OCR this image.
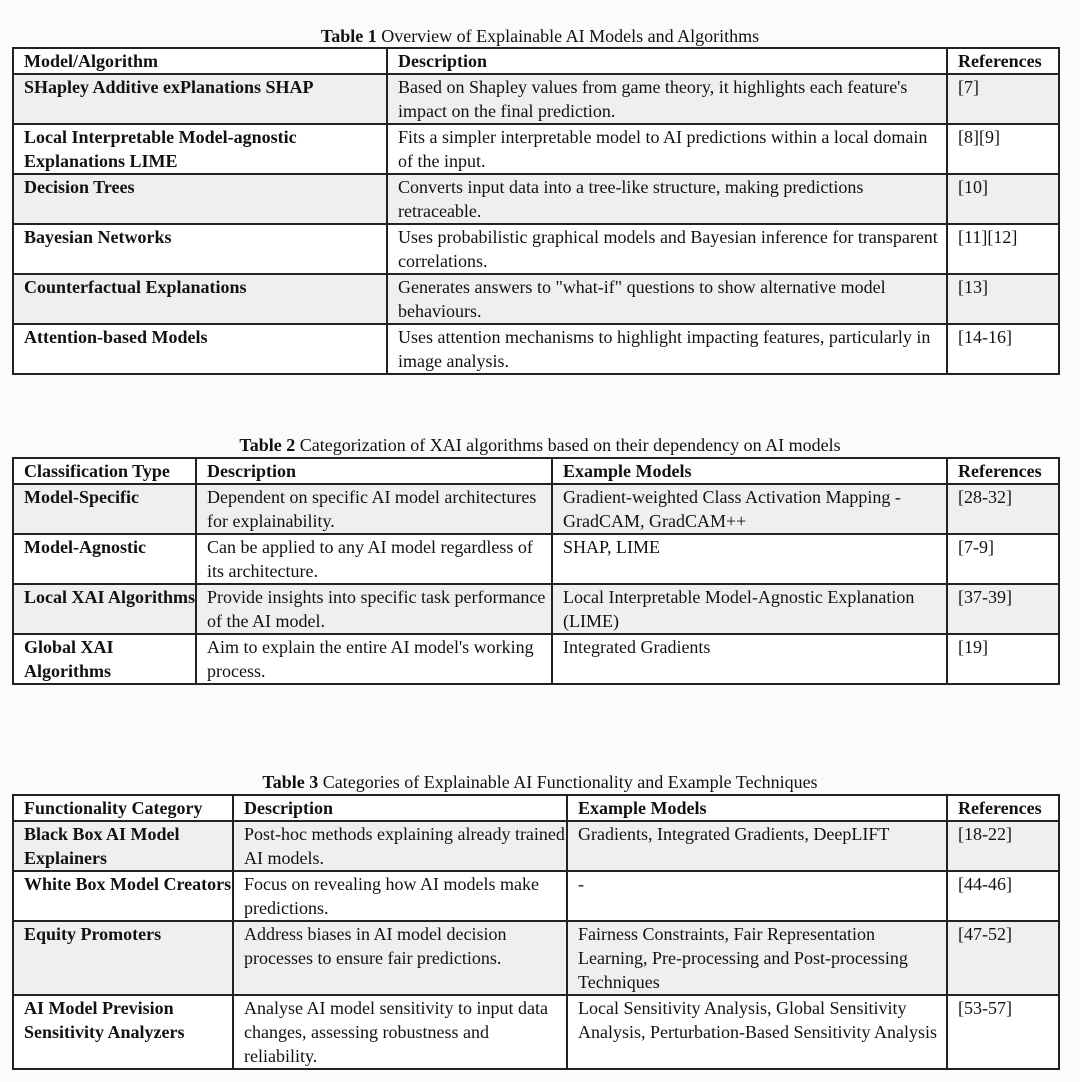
Table 1 Overview of Explainable AI Models and Algorithms
Model/Algorithm	Description	References
SHapley Additive exPlanations SHAP	Based on Shapley values from game theory, it highlights each feature's impact on the final prediction.	[7]
Local Interpretable Model-agnostic Explanations LIME	Fits a simpler interpretable model to AI predictions within a local domain of the input.	[8][9]
Decision Trees	Converts input data into a tree-like structure, making predictions retraceable.	[10]
Bayesian Networks	Uses probabilistic graphical models and Bayesian inference for transparent correlations.	[11][12]
Counterfactual Explanations	Generates answers to "what-if" questions to show alternative model behaviours.	[13]
Attention-based Models	Uses attention mechanisms to highlight impacting features, particularly in image analysis.	[14-16]
Table 2 Categorization of XAI algorithms based on their dependency on AI models
Classification Type	Description	Example Models	References
Model-Specific	Dependent on specific AI model architectures for explainability.	Gradient-weighted Class Activation Mapping - GradCAM, GradCAM++	[28-32]
Model-Agnostic	Can be applied to any AI model regardless of its architecture.	SHAP, LIME	[7-9]
Local XAI Algorithms	Provide insights into specific task performance of the AI model.	Local Interpretable Model-Agnostic Explanation (LIME)	[37-39]
Global XAI Algorithms	Aim to explain the entire AI model's working process.	Integrated Gradients	[19]
Table 3 Categories of Explainable AI Functionality and Example Techniques
Functionality Category	Description	Example Models	References
Black Box AI Model Explainers	Post-hoc methods explaining already trained AI models.	Gradients, Integrated Gradients, DeepLIFT	[18-22]
White Box Model Creators	Focus on revealing how AI models make predictions.	-	[44-46]
Equity Promoters	Address biases in AI model decision processes to ensure fair predictions.	Fairness Constraints, Fair Representation Learning, Pre-processing and Post-processing Techniques	[47-52]
AI Model Prevision Sensitivity Analyzers	Analyse AI model sensitivity to input data changes, assessing robustness and reliability.	Local Sensitivity Analysis, Global Sensitivity Analysis, Perturbation-Based Sensitivity Analysis	[53-57]
